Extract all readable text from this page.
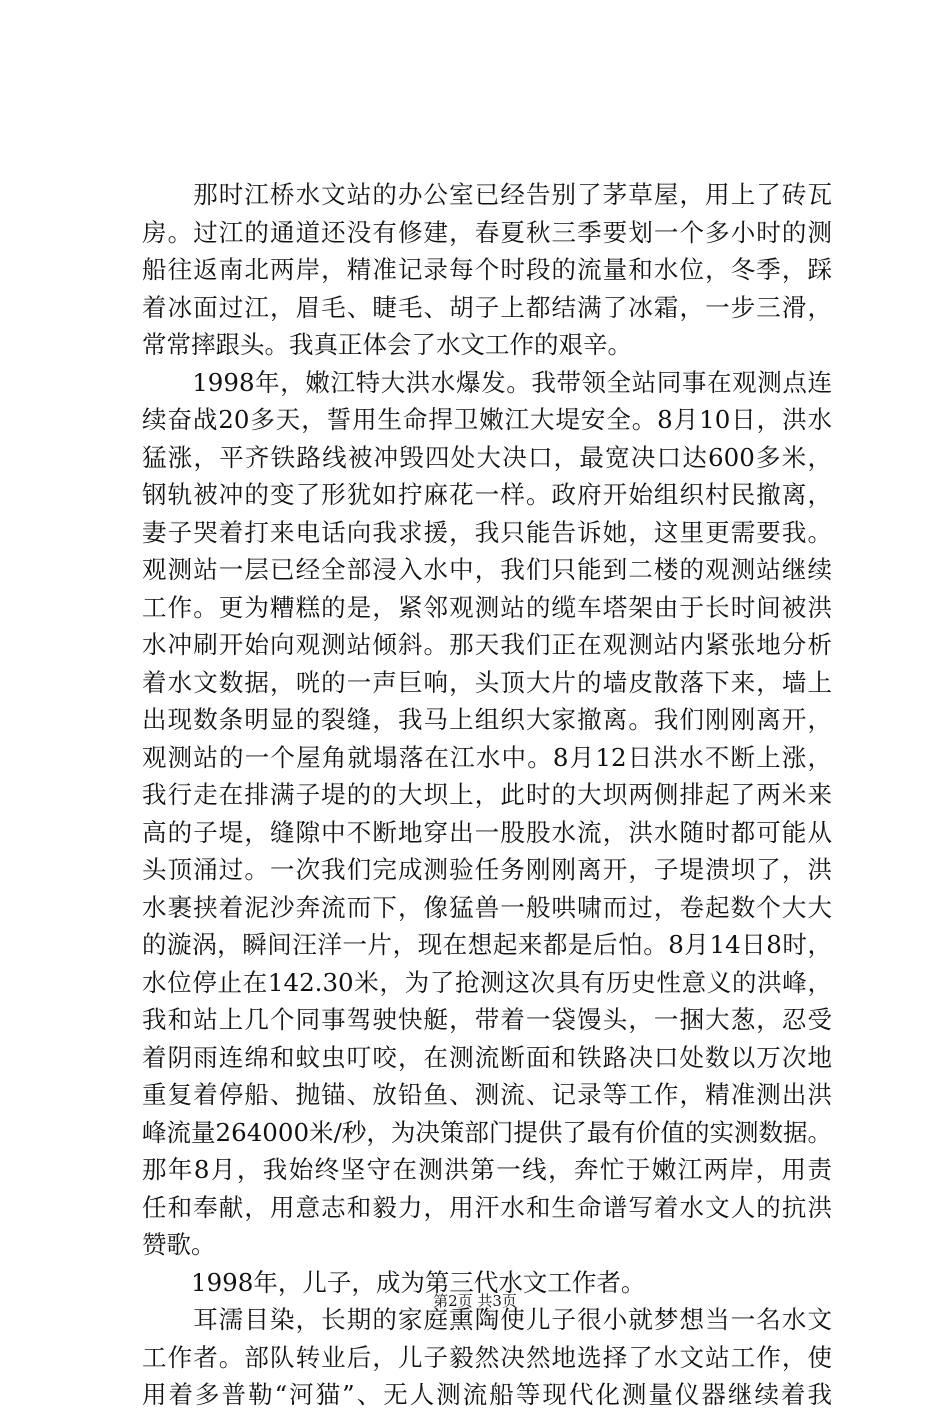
　　那时江桥水文站的办公室已经告别了茅草屋，用上了砖瓦
房。过江的通道还没有修建，春夏秋三季要划一个多小时的测
船往返南北两岸，精准记录每个时段的流量和水位，冬季，踩
着冰面过江，眉毛、睫毛、胡子上都结满了冰霜，一步三滑，
常常摔跟头。我真正体会了水文工作的艰辛。
　　1998年，嫩江特大洪水爆发。我带领全站同事在观测点连
续奋战20多天，誓用生命捍卫嫩江大堤安全。8月10日，洪水
猛涨，平齐铁路线被冲毁四处大决口，最宽决口达600多米，
钢轨被冲的变了形犹如拧麻花一样。政府开始组织村民撤离，
妻子哭着打来电话向我求援，我只能告诉她，这里更需要我。
观测站一层已经全部浸入水中，我们只能到二楼的观测站继续
工作。更为糟糕的是，紧邻观测站的缆车塔架由于长时间被洪
水冲刷开始向观测站倾斜。那天我们正在观测站内紧张地分析
着水文数据，咣的一声巨响，头顶大片的墙皮散落下来，墙上
出现数条明显的裂缝，我马上组织大家撤离。我们刚刚离开，
观测站的一个屋角就塌落在江水中。8月12日洪水不断上涨，
我行走在排满子堤的的大坝上，此时的大坝两侧排起了两米来
高的子堤，缝隙中不断地穿出一股股水流，洪水随时都可能从
头顶涌过。一次我们完成测验任务刚刚离开，子堤溃坝了，洪
水裹挟着泥沙奔流而下，像猛兽一般哄啸而过，卷起数个大大
的漩涡，瞬间汪洋一片，现在想起来都是后怕。8月14日8时，
水位停止在142.30米，为了抢测这次具有历史性意义的洪峰，
我和站上几个同事驾驶快艇，带着一袋馒头，一捆大葱，忍受
着阴雨连绵和蚊虫叮咬，在测流断面和铁路决口处数以万次地
重复着停船、抛锚、放铅鱼、测流、记录等工作，精准测出洪
峰流量264000米/秒，为决策部门提供了最有价值的实测数据。
那年8月，我始终坚守在测洪第一线，奔忙于嫩江两岸，用责
任和奉献，用意志和毅力，用汗水和生命谱写着水文人的抗洪
赞歌。
　　1998年，儿子，成为第三代水文工作者。
　　耳濡目染，长期的家庭熏陶使儿子很小就梦想当一名水文
工作者。部队转业后，儿子毅然决然地选择了水文站工作，使
用着多普勒“河猫”、无人测流船等现代化测量仪器继续着我
第2页 共3页
